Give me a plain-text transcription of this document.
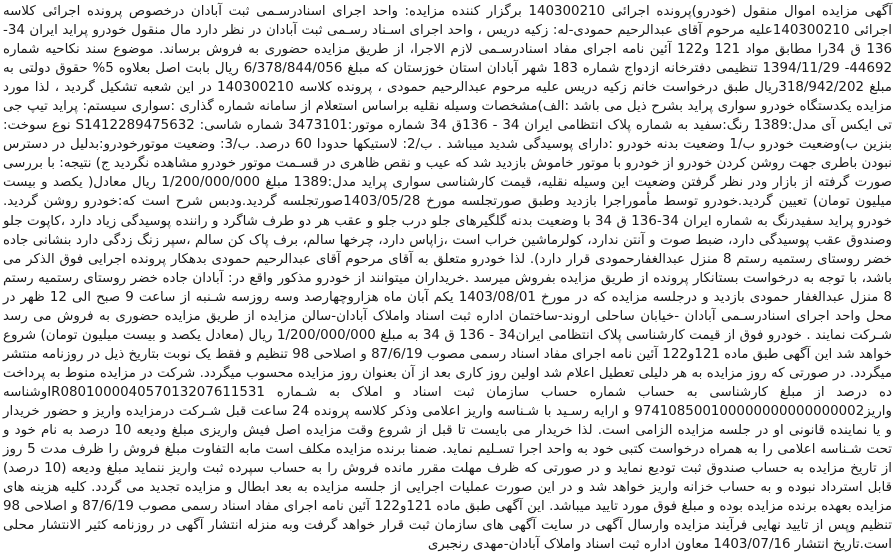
آگهی مزایده اموال منقول (خودرو)پرونده اجرائی 140300210 برگزار کننده مزایده: واحد اجرای اسنادرسـمی ثبت آبادان درخصوص پرونده اجرائی کلاسه اجرائی 140300210علیه مرحوم آقای عبدالرحیم حمودی-له: زکیه دریس ، واحد اجرای اسـناد رسـمی ثبت آبادان در نظر دارد مال منقول خودرو پراید ایران 34-136 ق 34را مطابق مواد 121 و122 آئین نامه اجرای مفاد اسنادرسـمی لازم الاجرا، از طریق مزایده حضوری به فروش برساند. موضوع سند نکاحیه شماره 44692- 1394/11/29 تنظیمی دفترخانه ازدواج شماره 183 شهر آبادان استان خوزستان که مبلغ 6/378/844/056 ریال بابت اصل بعلاوه 5% حقوق دولتی به مبلغ 318/942/202ریال طبق درخواست خانم زکیه دریس علیه مرحوم عبدالرحیم حمودی ، پرونده کلاسه 140300210 در این شعبه تشکیل گردید ، لذا مورد مزایده یکدستگاه خودرو سواری پراید بشرح ذیل می باشد :الف)مشخصات وسیله نقلیه براساس استعلام از سامانه شماره گذاری :سواری سیستم: پراید تیپ جی تی ایکس آی مدل:1389 رنگ:سفید به شماره پلاک انتظامی ایران 34 - 136ق 34 شماره موتور:3473101 شماره شاسی: S1412289475632 نوع سوخت: بنزین ب)وضعیت خودرو ب/1 وضعیت بدنه خودرو :دارای پوسیدگی شدید میباشد . ب/2: لاستیکها حدودا 60 درصد. ب/3: وضعیت موتورخودرو:بدلیل در دسترس نبودن باطری جهت روشن کردن خودرو از خودرو با موتور خاموش بازدید شد که عیب و نقص ظاهری در قسـمت موتور خودرو مشاهده نگردید ج) نتیجه: با بررسی صورت گرفته از بازار ودر نظر گرفتن وضعیت این وسیله نقلیه، قیمت کارشناسی سواری پراید مدل:1389 مبلغ 1/200/000/000 ریال معادل( یکصد و بیست میلیون تومان) تعیین گردید.خودرو توسط مأموراجرا بازدید وطبق صورتجلسه مورخ 1403/05/28صورتجلسه گردید.ودبس شرح است که:خودرو روشن گردید. خودرو پراید سفیدرنگ به شماره ایران 34-136 ق 34 با وضعیت بدنه گلگیرهای جلو درب جلو و عقب هر دو طرف شاگرد و راننده پوسیدگی زیاد دارد ،کاپوت جلو وصندوق عقب پوسیدگی دارد، ضبط صوت و آنتن ندارد، کولرماشین خراب است ،زاپاس دارد، چرخها سالم، برف پاک کن سالم ،سپر زنگ زدگی دارد بنشانی جاده خضر روستای رستمیه رستم 8 منزل عبدالغفارحمودی قرار دارد). لذا خودرو متعلق به آقای مرحوم آقای عبدالرحیم حمودی بدهکار پرونده اجرایی فوق الذکر می باشد، با توجه به درخواست بستانکار پرونده از طریق مزایده بفروش میرسد .خریداران میتوانند از خودرو مذکور واقع در: آبادان جاده خضر روستای رستمیه رستم 8 منزل عبدالغفار حمودی بازدید و درجلسه مزایده که در مورخ 1403/08/01 یکم آبان ماه هزاروچهارصد وسه روزسه شـنبه از ساعت 9 صبح الی 12 ظهر در محل واحد اجرای اسنادرسـمی آبادان -خیابان ساحلی اروند-ساختمان اداره ثبت اسناد واملاک آبادان-سالن مزایده از طریق مزایده حضوری به فروش می رسد شـرکت نمایند . خودرو فوق از قیمت کارشناسی پلاک انتظامی ایران34 - 136 ق 34 به مبلغ 1/200/000/000 ریال (معادل یکصد و بیست میلیون تومان) شروع خواهد شد این آگهی طبق ماده 121و122 آئین نامه اجرای مفاد اسناد رسمی مصوب 87/6/19 و اصلاحی 98 تنظیم و فقط یک نوبت بتاریخ ذیل در روزنامه منتشر میگردد. در صورتی که روز مزایده به هر دلیلی تعطیل اعلام شد اولین روز کاری بعد از آن بعنوان روز مزایده محسوب میگردد. شرکت در مزایده منوط به پرداخت ده درصد از مبلغ کارشناسی به حساب شماره حساب سازمان ثبت اسناد و املاک به شـماره IR080100004057013207611531وشناسه واریز974108500100000000000000002 و ارایه رسـید با شـناسه واریز اعلامی وذکر کلاسه پرونده 24 ساعت قبل شـرکت درمزایده واریز و حضور خریدار و یا نماینده قانونی او در جلسه مزایده الزامی است. لذا خریدار می بایست تا قبل از شروع وقت مزایده اصل فیش واریزی مبلغ ودیعه 10 درصد به نام خود و تحت شـناسه اعلامی را به همراه درخواست کتبی خود به واحد اجرا تسـلیم نماید. ضمنا برنده مزایده مکلف است مابه التفاوت مبلغ فروش را ظرف مدت 5 روز از تاریخ مزایده به حساب صندوق ثبت تودیع نماید و در صورتی که ظرف مهلت مقرر مانده فروش را به حساب سپرده ثبت واریز ننماید مبلغ ودیعه (10 درصد) قابل استرداد نبوده و به حساب خزانه واریز خواهد شد و در این صورت عملیات اجرایی از جلسه مزایده به بعد ابطال و مزایده تجدید می گردد. کلیه هزینه های مزایده بعهده برنده مزایده بوده و مبلغ فوق مورد تایید میباشد. این آگهی طبق ماده 121و122 آئین نامه اجرای مفاد اسناد رسمی مصوب 87/6/19 و اصلاحی 98 تنظیم وپس از تایید نهایی فرآیند مزایده وارسال آگهی در سایت آگهی های سازمان ثبت قرار خواهد گرفت وبه منزله انتشار آگهی در روزنامه کثیر الانتشار محلی است.تاریخ انتشار 1403/07/16 معاون اداره ثبت اسناد واملاک آبادان-مهدی رنجبری
